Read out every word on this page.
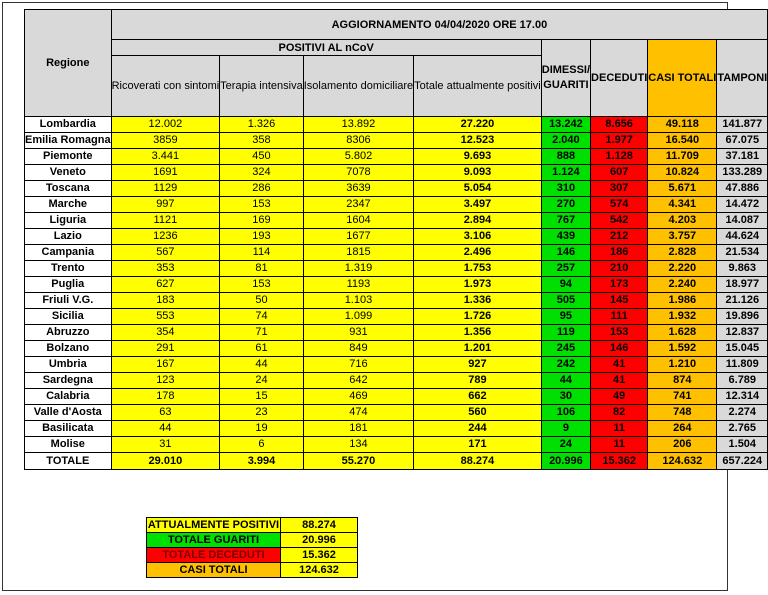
Regione	AGGIORNAMENTO 04/04/2020 ORE 17.00							
	POSITIVI AL nCoV				DIMESSI/ GUARITI	DECEDUTI	CASI TOTALI	TAMPONI
	Ricoverati con sintomi	Terapia intensiva	Isolamento domiciliare	Totale attualmente positivi				
Lombardia	12.002	1.326	13.892	27.220	13.242	8.656	49.118	141.877
Emilia Romagna	3859	358	8306	12.523	2.040	1.977	16.540	67.075
Piemonte	3.441	450	5.802	9.693	888	1.128	11.709	37.181
Veneto	1691	324	7078	9.093	1.124	607	10.824	133.289
Toscana	1129	286	3639	5.054	310	307	5.671	47.886
Marche	997	153	2347	3.497	270	574	4.341	14.472
Liguria	1121	169	1604	2.894	767	542	4.203	14.087
Lazio	1236	193	1677	3.106	439	212	3.757	44.624
Campania	567	114	1815	2.496	146	186	2.828	21.534
Trento	353	81	1.319	1.753	257	210	2.220	9.863
Puglia	627	153	1193	1.973	94	173	2.240	18.977
Friuli V.G.	183	50	1.103	1.336	505	145	1.986	21.126
Sicilia	553	74	1.099	1.726	95	111	1.932	19.896
Abruzzo	354	71	931	1.356	119	153	1.628	12.837
Bolzano	291	61	849	1.201	245	146	1.592	15.045
Umbria	167	44	716	927	242	41	1.210	11.809
Sardegna	123	24	642	789	44	41	874	6.789
Calabria	178	15	469	662	30	49	741	12.314
Valle d'Aosta	63	23	474	560	106	82	748	2.274
Basilicata	44	19	181	244	9	11	264	2.765
Molise	31	6	134	171	24	11	206	1.504
TOTALE	29.010	3.994	55.270	88.274	20.996	15.362	124.632	657.224
ATTUALMENTE POSITIVI	88.274
TOTALE GUARITI	20.996
TOTALE DECEDUTI	15.362
CASI TOTALI	124.632
